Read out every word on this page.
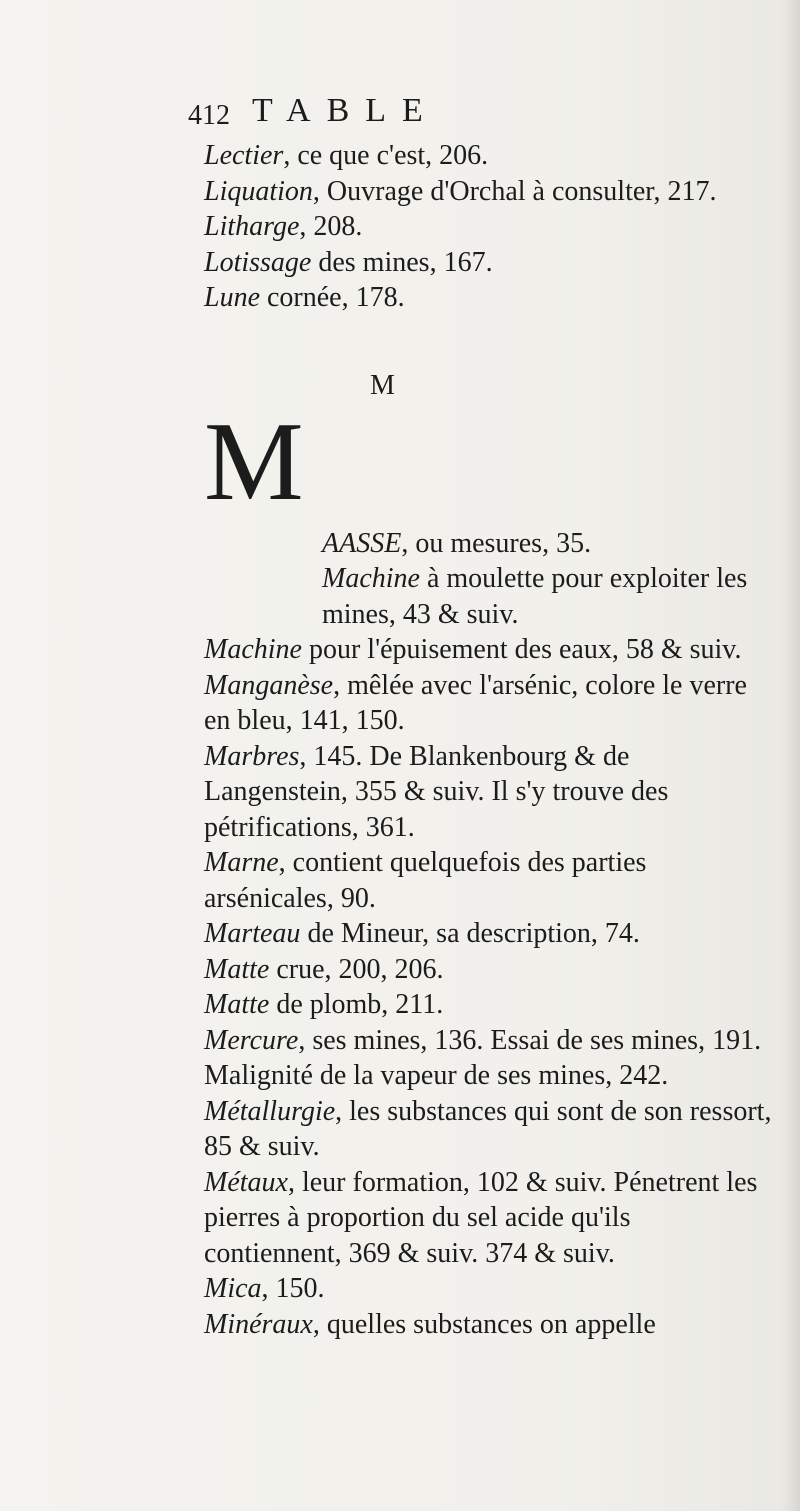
412 TABLE

Lectier, ce que c'est, 206.

Liquation, Ouvrage d'Orchal à consulter, 217.

Litharge, 208.

Lotissage des mines, 167.

Lune cornée, 178.

AASSE, ou mesures, 35.

Machine à moulette pour exploiter les mines, 43 & suiv.

Machine pour l'épuisement des eaux, 58 & suiv.

Manganèse, mêlée avec l'arsénic, colore le verre en bleu, 141, 150.

Marbres, 145. De Blankenbourg & de Langenstein, 355 & suiv. Il s'y trouve des pétrifications, 361.

Marne, contient quelquefois des parties arsénicales, 90.

Marteau de Mineur, sa description, 74.

Matte crue, 200, 206.

Matte de plomb, 211.

Mercure, ses mines, 136. Essai de ses mines, 191. Malignité de la vapeur de ses mines, 242.

Métallurgie, les substances qui sont de son ressort, 85 & suiv.

Métaux, leur formation, 102 & suiv. Pénetrent les pierres à proportion du sel acide qu'ils contiennent, 369 & suiv. 374 & suiv.

Mica, 150.

Minéraux, quelles substances on appelle

M
M
